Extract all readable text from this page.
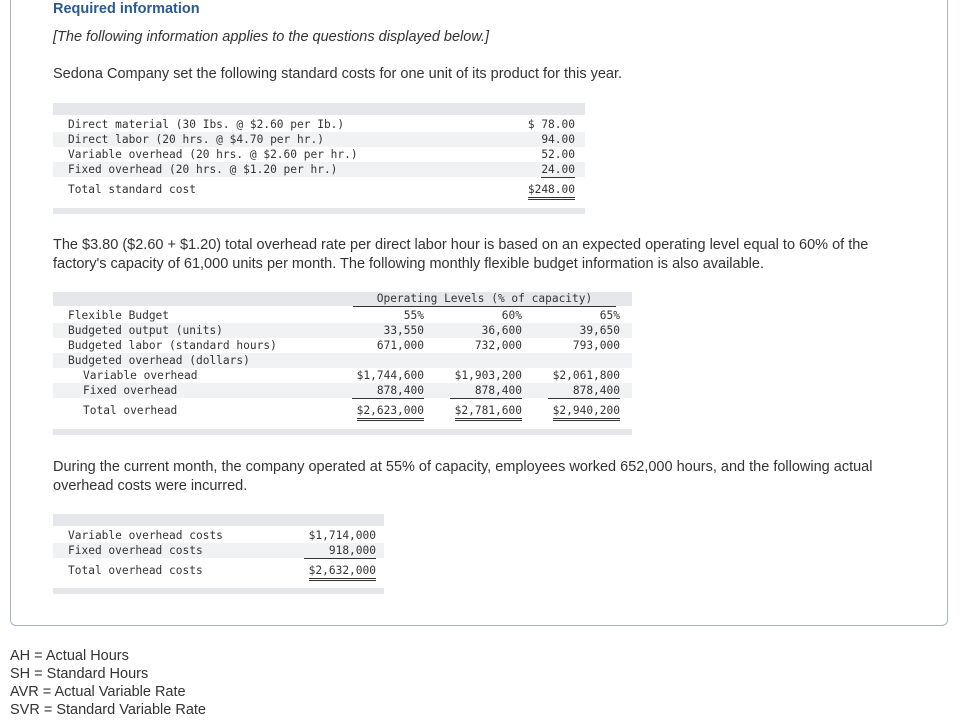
Required information
[The following information applies to the questions displayed below.]
Sedona Company set the following standard costs for one unit of its product for this year.
Direct material (30 Ibs. @ $2.60 per Ib.)	$ 78.00
Direct labor (20 hrs. @ $4.70 per hr.)	94.00
Variable overhead (20 hrs. @ $2.60 per hr.)	52.00
Fixed overhead (20 hrs. @ $1.20 per hr.)	24.00
Total standard cost	$248.00
The $3.80 ($2.60 + $1.20) total overhead rate per direct labor hour is based on an expected operating level equal to 60% of the factory's capacity of 61,000 units per month. The following monthly flexible budget information is also available.
Operating Levels (% of capacity)
Flexible Budget	55%	60%	65%
Budgeted output (units)	33,550	36,600	39,650
Budgeted labor (standard hours)	671,000	732,000	793,000
Budgeted overhead (dollars)
Variable overhead	$1,744,600	$1,903,200	$2,061,800
Fixed overhead	878,400	878,400	878,400
Total overhead	$2,623,000	$2,781,600	$2,940,200
During the current month, the company operated at 55% of capacity, employees worked 652,000 hours, and the following actual overhead costs were incurred.
Variable overhead costs	$1,714,000
Fixed overhead costs	918,000
Total overhead costs	$2,632,000
AH = Actual Hours
SH = Standard Hours
AVR = Actual Variable Rate
SVR = Standard Variable Rate
